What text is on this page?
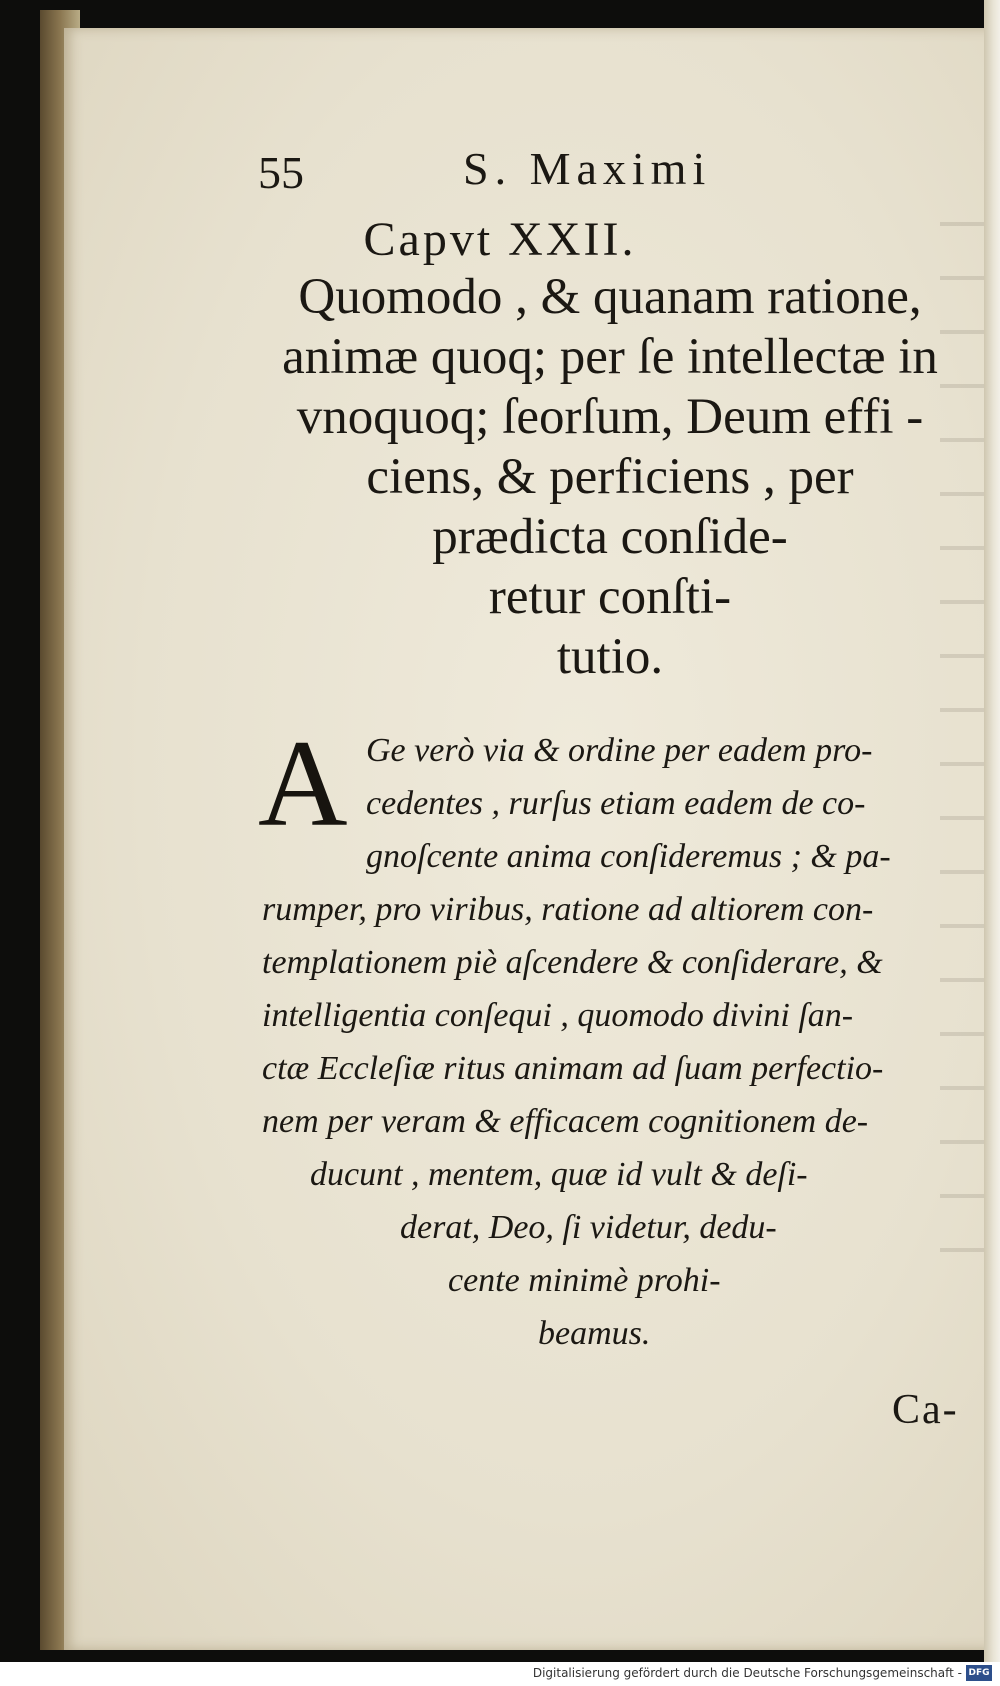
55	S. Maximi

Capvt XXII.

Quomodo , & quanam ratione,

animæ quoq; per ſe intellectæ in

vnoquoq; ſeorſum, Deum effi -

ciens, & perficiens , per

prædicta conſide-

retur conſti-

tutio.

A Ge verò via & ordine per eadem pro-

cedentes , rurſus etiam eadem de co-

gnoſcente anima conſideremus ; & pa-

rumper, pro viribus, ratione ad altiorem con-

templationem piè aſcendere & conſiderare, &

intelligentia conſequi , quomodo divini ſan-

ctæ Eccleſiæ ritus animam ad ſuam perfectio-

nem per veram & efficacem cognitionem de-

ducunt , mentem, quæ id vult & deſi-

derat, Deo, ſi videtur, dedu-

cente minimè prohi-

beamus.

Ca-

Digitalisierung gefördert durch die Deutsche Forschungsgemeinschaft - DFG
